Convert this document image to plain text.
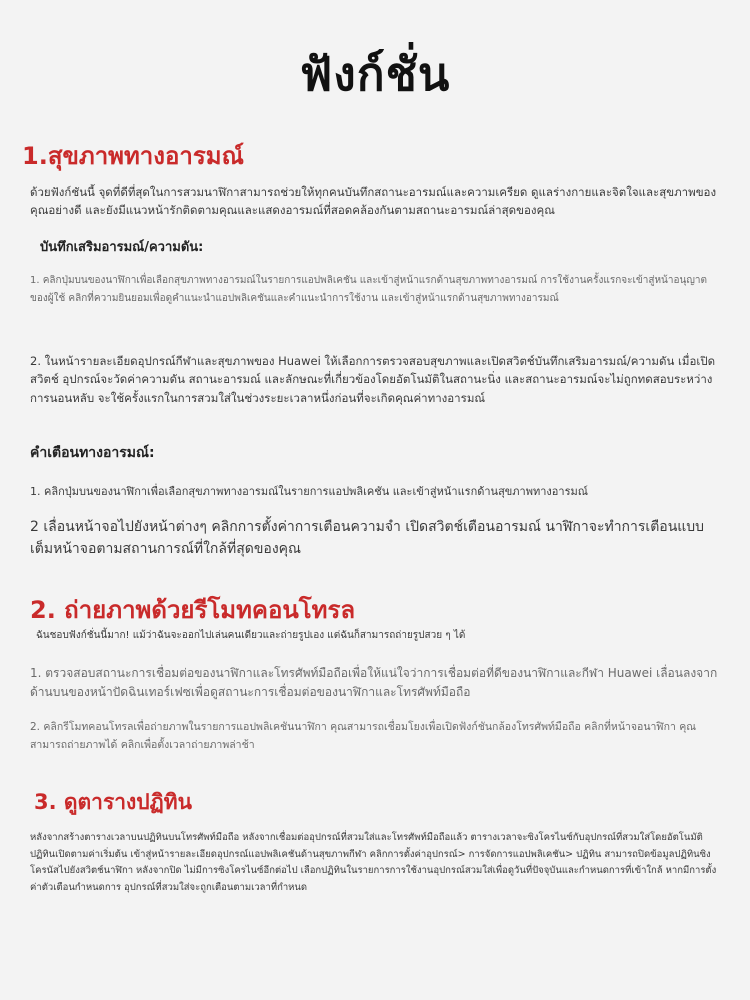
ฟังก์ชั่น
1.สุขภาพทางอารมณ์
ด้วยฟังก์ชันนี้ จุดที่ดีที่สุดในการสวมนาฬิกาสามารถช่วยให้ทุกคนบันทึกสถานะอารมณ์และความเครียด ดูแลร่างกายและจิตใจและสุขภาพของคุณอย่างดี และยังมีแนวหน้ารักติดตามคุณและแสดงอารมณ์ที่สอดคล้องกันตามสถานะอารมณ์ล่าสุดของคุณ
บันทึกเสริมอารมณ์/ความดัน:
1. คลิกปุ่มบนของนาฬิกาเพื่อเลือกสุขภาพทางอารมณ์ในรายการแอปพลิเคชัน และเข้าสู่หน้าแรกด้านสุขภาพทางอารมณ์ การใช้งานครั้งแรกจะเข้าสู่หน้าอนุญาตของผู้ใช้ คลิกที่ความยินยอมเพื่อดูคำแนะนำแอปพลิเคชันและคำแนะนำการใช้งาน และเข้าสู่หน้าแรกด้านสุขภาพทางอารมณ์
2. ในหน้ารายละเอียดอุปกรณ์กีฬาและสุขภาพของ Huawei ให้เลือกการตรวจสอบสุขภาพและเปิดสวิตช์บันทึกเสริมอารมณ์/ความดัน เมื่อเปิดสวิตช์ อุปกรณ์จะวัดค่าความดัน สถานะอารมณ์ และลักษณะที่เกี่ยวข้องโดยอัตโนมัติในสถานะนิ่ง และสถานะอารมณ์จะไม่ถูกทดสอบระหว่างการนอนหลับ จะใช้ครั้งแรกในการสวมใส่ในช่วงระยะเวลาหนึ่งก่อนที่จะเกิดคุณค่าทางอารมณ์
คำเตือนทางอารมณ์:
1. คลิกปุ่มบนของนาฬิกาเพื่อเลือกสุขภาพทางอารมณ์ในรายการแอปพลิเคชัน และเข้าสู่หน้าแรกด้านสุขภาพทางอารมณ์
2 เลื่อนหน้าจอไปยังหน้าต่างๆ คลิกการตั้งค่าการเตือนความจำ เปิดสวิตช์เตือนอารมณ์ นาฬิกาจะทำการเตือนแบบเต็มหน้าจอตามสถานการณ์ที่ใกล้ที่สุดของคุณ
2. ถ่ายภาพด้วยรีโมทคอนโทรล
ฉันชอบฟังก์ชั่นนี้มาก! แม้ว่าฉันจะออกไปเล่นคนเดียวและถ่ายรูปเอง แต่ฉันก็สามารถถ่ายรูปสวย ๆ ได้
1. ตรวจสอบสถานะการเชื่อมต่อของนาฬิกาและโทรศัพท์มือถือเพื่อให้แน่ใจว่าการเชื่อมต่อที่ดีของนาฬิกาและกีฬา Huawei เลื่อนลงจากด้านบนของหน้าปัดฉินเทอร์เฟซเพื่อดูสถานะการเชื่อมต่อของนาฬิกาและโทรศัพท์มือถือ
2. คลิกรีโมทคอนโทรลเพื่อถ่ายภาพในรายการแอปพลิเคชันนาฬิกา คุณสามารถเชื่อมโยงเพื่อเปิดฟังก์ชันกล้องโทรศัพท์มือถือ คลิกที่หน้าจอนาฬิกา คุณสามารถถ่ายภาพได้ คลิกเพื่อตั้งเวลาถ่ายภาพล่าช้า
3. ดูตารางปฏิทิน
หลังจากสร้างตารางเวลาบนปฏิทินบนโทรศัพท์มือถือ หลังจากเชื่อมต่ออุปกรณ์ที่สวมใส่และโทรศัพท์มือถือแล้ว ตารางเวลาจะซิงโครไนซ์กับอุปกรณ์ที่สวมใส่โดยอัตโนมัติ ปฏิทินเปิดตามค่าเริ่มต้น เข้าสู่หน้ารายละเอียดอุปกรณ์แอปพลิเคชันด้านสุขภาพกีฬา คลิกการตั้งค่าอุปกรณ์> การจัดการแอปพลิเคชัน> ปฏิทิน สามารถปิดข้อมูลปฏิทินซิงโครนัสไปยังสวิตช์นาฬิกา หลังจากปิด ไม่มีการซิงโครไนซ์อีกต่อไป เลือกปฏิทินในรายการการใช้งานอุปกรณ์สวมใส่เพื่อดูวันที่ปัจจุบันและกำหนดการที่เข้าใกล้ หากมีการตั้งค่าตัวเตือนกำหนดการ อุปกรณ์ที่สวมใส่จะถูกเตือนตามเวลาที่กำหนด
